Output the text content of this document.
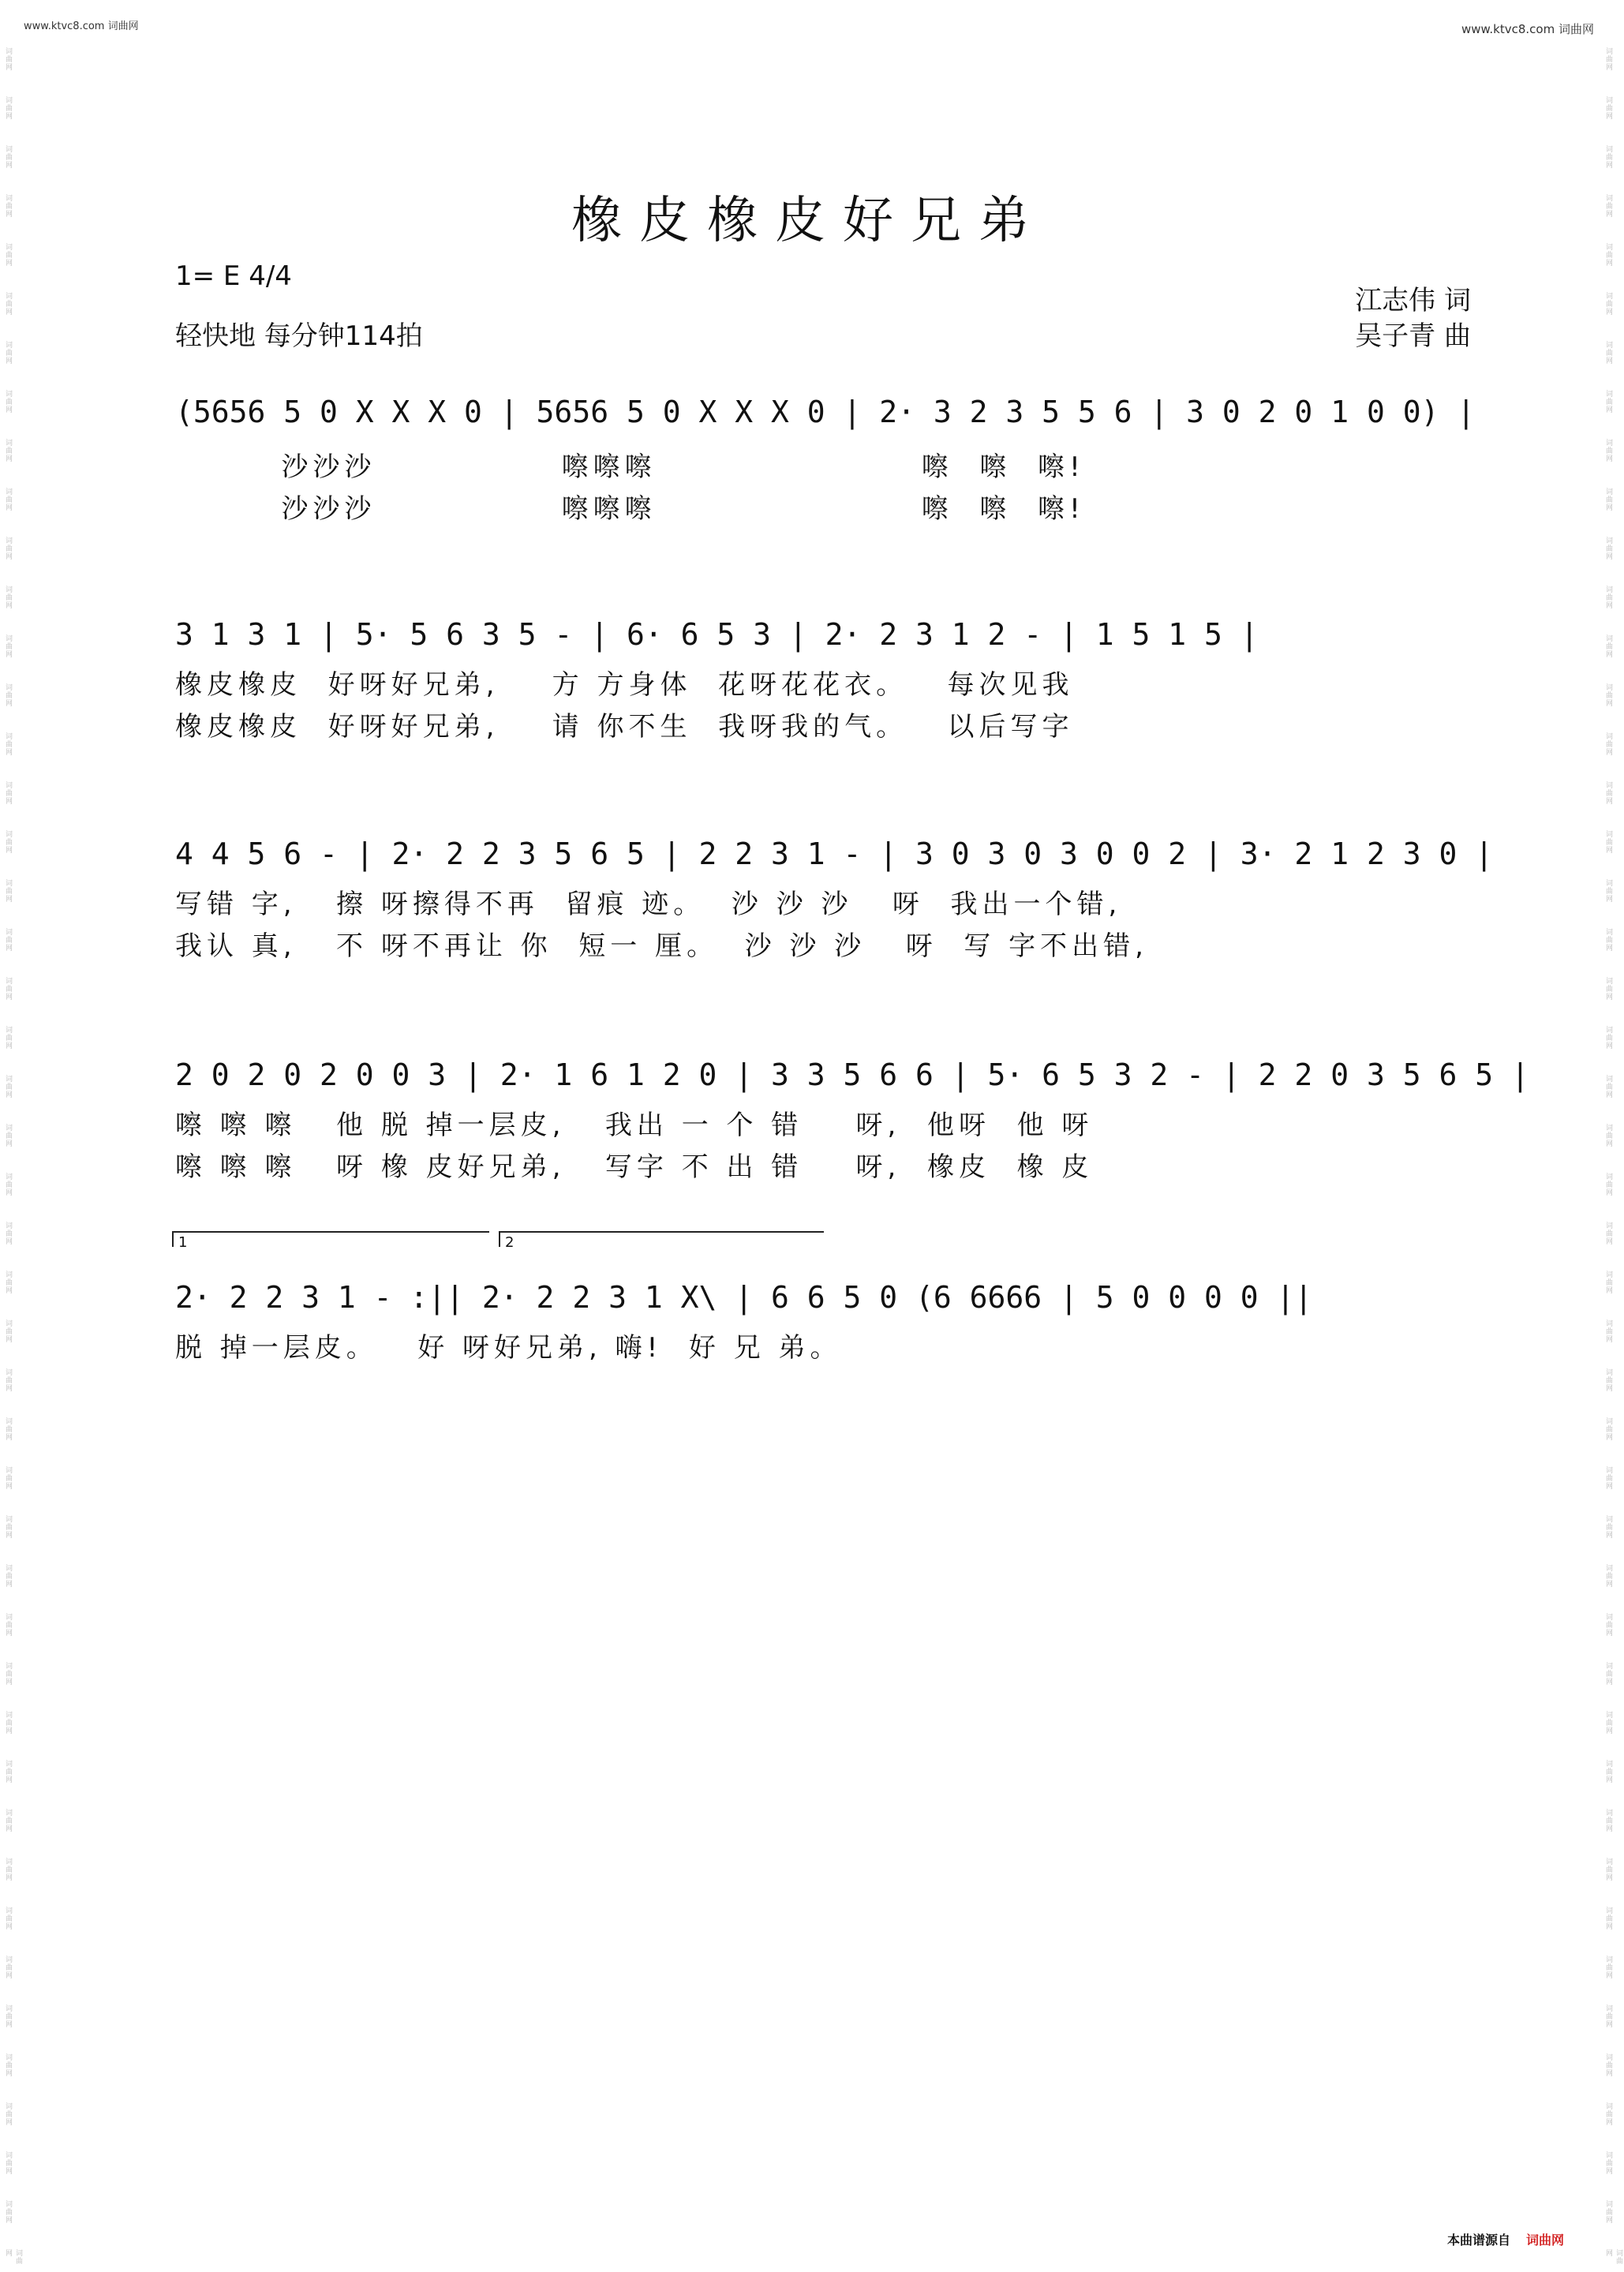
词曲网
词曲网
词曲网
词曲网
词曲网
词曲网
词曲网
词曲网
词曲网
词曲网
词曲网
词曲网
词曲网
词曲网
词曲网
词曲网
词曲网
词曲网
词曲网
词曲网
词曲网
词曲网
词曲网
词曲网
词曲网
词曲网
词曲网
词曲网
词曲网
词曲网
词曲网
词曲网
词曲网
词曲网
词曲网
词曲网
词曲网
词曲网
词曲网
词曲网
词曲网
词曲网
词曲网
词曲网
词曲网
词曲网
词曲网
词曲网
词曲网
词曲网
词曲网
词曲网
词曲网
词曲网
词曲网
词曲网
词曲网
词曲网
词曲网
词曲网
词曲网
词曲网
词曲网
词曲网
词曲网
词曲网
词曲网
词曲网
词曲网
词曲网
词曲网
词曲网
词曲网
词曲网
词曲网
词曲网
词曲网
词曲网
词曲网
词曲网
词曲网
词曲网
词曲网
词曲网
词曲网
词曲网
词曲网
词曲网
词曲网
词曲网
词曲网
词曲网
www.ktvc8.com 词曲网	www.ktvc8.com 词曲网
橡皮橡皮好兄弟
1= E 4/4
轻快地 每分钟114拍
江志伟 词
吴子青 曲
(5656 5 0 X X X 0 | 5656 5 0 X X X 0 | 2· 3 2 3 5 5 6 | 3 0 2 0 1 0 0) |
沙沙沙              嚓嚓嚓                    嚓  嚓  嚓!
沙沙沙              嚓嚓嚓                    嚓  嚓  嚓!
3 1 3 1 | 5· 5 6 3 5 - | 6· 6 5 3 | 2· 2 3 1 2 - | 1 5 1 5 |
橡皮橡皮  好呀好兄弟,    方 方身体  花呀花花衣。   每次见我
橡皮橡皮  好呀好兄弟,    请 你不生  我呀我的气。   以后写字
4 4 5 6 - | 2· 2 2 3 5 6 5 | 2 2 3 1 - | 3 0 3 0 3 0 0 2 | 3· 2 1 2 3 0 |
写错 字,   擦 呀擦得不再  留痕 迹。  沙 沙 沙   呀  我出一个错,
我认 真,   不 呀不再让 你  短一 厘。  沙 沙 沙   呀  写 字不出错,
2 0 2 0 2 0 0 3 | 2· 1 6 1 2 0 | 3 3 5 6 6 | 5· 6 5 3 2 - | 2 2 0 3 5 6 5 |
嚓 嚓 嚓   他 脱 掉一层皮,   我出 一 个 错    呀,  他呀  他 呀
嚓 嚓 嚓   呀 橡 皮好兄弟,   写字 不 出 错    呀,  橡皮  橡 皮
1	2
2· 2 2 3 1 - :|| 2· 2 2 3 1 X\ | 6 6 5 0 (6 6666 | 5 0 0 0 0 ||
脱 掉一层皮。   好 呀好兄弟, 嗨!  好 兄 弟。
本曲谱源自 词曲网
